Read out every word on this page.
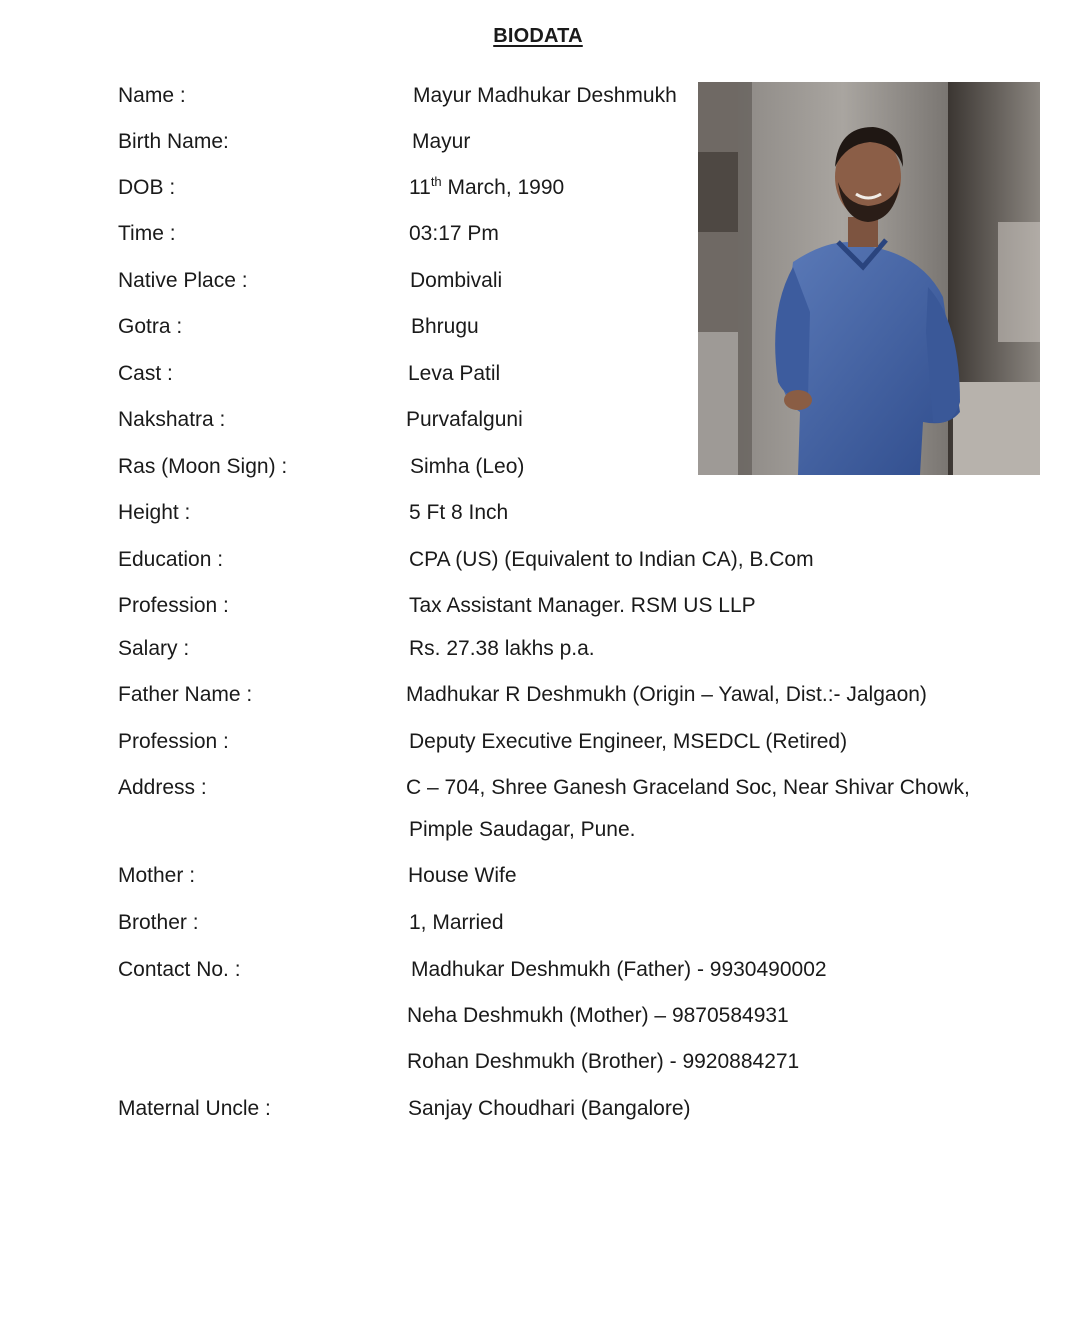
BIODATA
Name :	Mayur Madhukar Deshmukh
Birth Name:	Mayur
DOB :	11th March, 1990
Time :	03:17 Pm
Native Place :	Dombivali
Gotra :	Bhrugu
Cast :	Leva Patil
Nakshatra :	Purvafalguni
Ras (Moon Sign) :	Simha (Leo)
Height :	5 Ft 8 Inch
Education :	CPA (US) (Equivalent to Indian CA), B.Com
Profession :	Tax Assistant Manager. RSM US LLP
Salary :	Rs. 27.38 lakhs p.a.
Father Name :	Madhukar R Deshmukh (Origin – Yawal, Dist.:- Jalgaon)
Profession :	Deputy Executive Engineer, MSEDCL (Retired)
Address :	C – 704, Shree Ganesh Graceland Soc, Near Shivar Chowk,
Pimple Saudagar, Pune.
Mother :	House Wife
Brother :	1, Married
Contact No. :	Madhukar Deshmukh (Father) - 9930490002
Neha Deshmukh (Mother) – 9870584931
Rohan Deshmukh (Brother) - 9920884271
Maternal Uncle :	Sanjay Choudhari (Bangalore)
